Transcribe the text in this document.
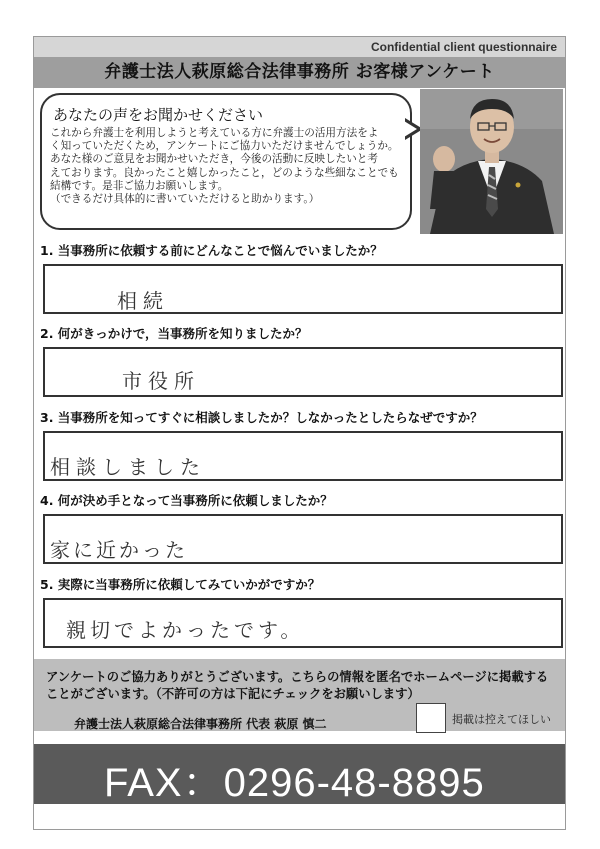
Confidential client questionnaire
弁護士法人萩原総合法律事務所 お客様アンケート
あなたの声をお聞かせください
これから弁護士を利用しようと考えている方に弁護士の活用方法をよ
く知っていただくため，アンケートにご協力いただけませんでしょうか。
あなた様のご意見をお聞かせいただき，今後の活動に反映したいと考
えております。良かったこと嬉しかったこと，どのような些細なことでも
結構です。是非ご協力お願いします。
（できるだけ具体的に書いていただけると助かります。）
1. 当事務所に依頼する前にどんなことで悩んでいましたか？
相続
2. 何がきっかけで，当事務所を知りましたか？
市役所
3. 当事務所を知ってすぐに相談しましたか？しなかったとしたらなぜですか？
相談しました
4. 何が決め手となって当事務所に依頼しましたか？
家に近かった
5. 実際に当事務所に依頼してみていかがですか？
親切でよかったです。
アンケートのご協力ありがとうございます。こちらの情報を匿名でホームページに掲載する
ことがございます。（不許可の方は下記にチェックをお願いします）
弁護士法人萩原総合法律事務所 代表 萩原 慎二	掲載は控えてほしい
FAX：0296-48-8895
